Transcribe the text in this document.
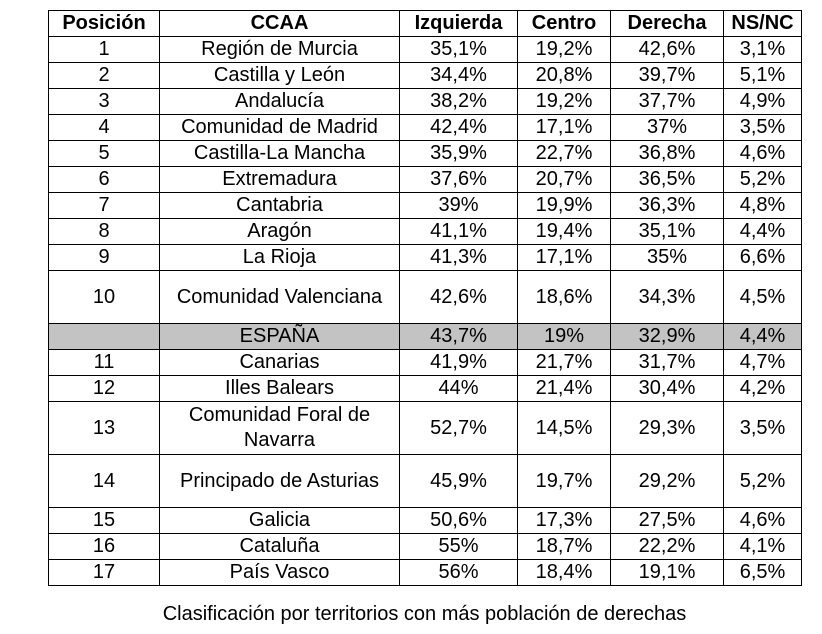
Posición	CCAA	Izquierda	Centro	Derecha	NS/NC
1	Región de Murcia	35,1%	19,2%	42,6%	3,1%
2	Castilla y León	34,4%	20,8%	39,7%	5,1%
3	Andalucía	38,2%	19,2%	37,7%	4,9%
4	Comunidad de Madrid	42,4%	17,1%	37%	3,5%
5	Castilla-La Mancha	35,9%	22,7%	36,8%	4,6%
6	Extremadura	37,6%	20,7%	36,5%	5,2%
7	Cantabria	39%	19,9%	36,3%	4,8%
8	Aragón	41,1%	19,4%	35,1%	4,4%
9	La Rioja	41,3%	17,1%	35%	6,6%
10	Comunidad Valenciana	42,6%	18,6%	34,3%	4,5%
	ESPAÑA	43,7%	19%	32,9%	4,4%
11	Canarias	41,9%	21,7%	31,7%	4,7%
12	Illes Balears	44%	21,4%	30,4%	4,2%
13	Comunidad Foral de Navarra	52,7%	14,5%	29,3%	3,5%
14	Principado de Asturias	45,9%	19,7%	29,2%	5,2%
15	Galicia	50,6%	17,3%	27,5%	4,6%
16	Cataluña	55%	18,7%	22,2%	4,1%
17	País Vasco	56%	18,4%	19,1%	6,5%
Clasificación por territorios con más población de derechas
